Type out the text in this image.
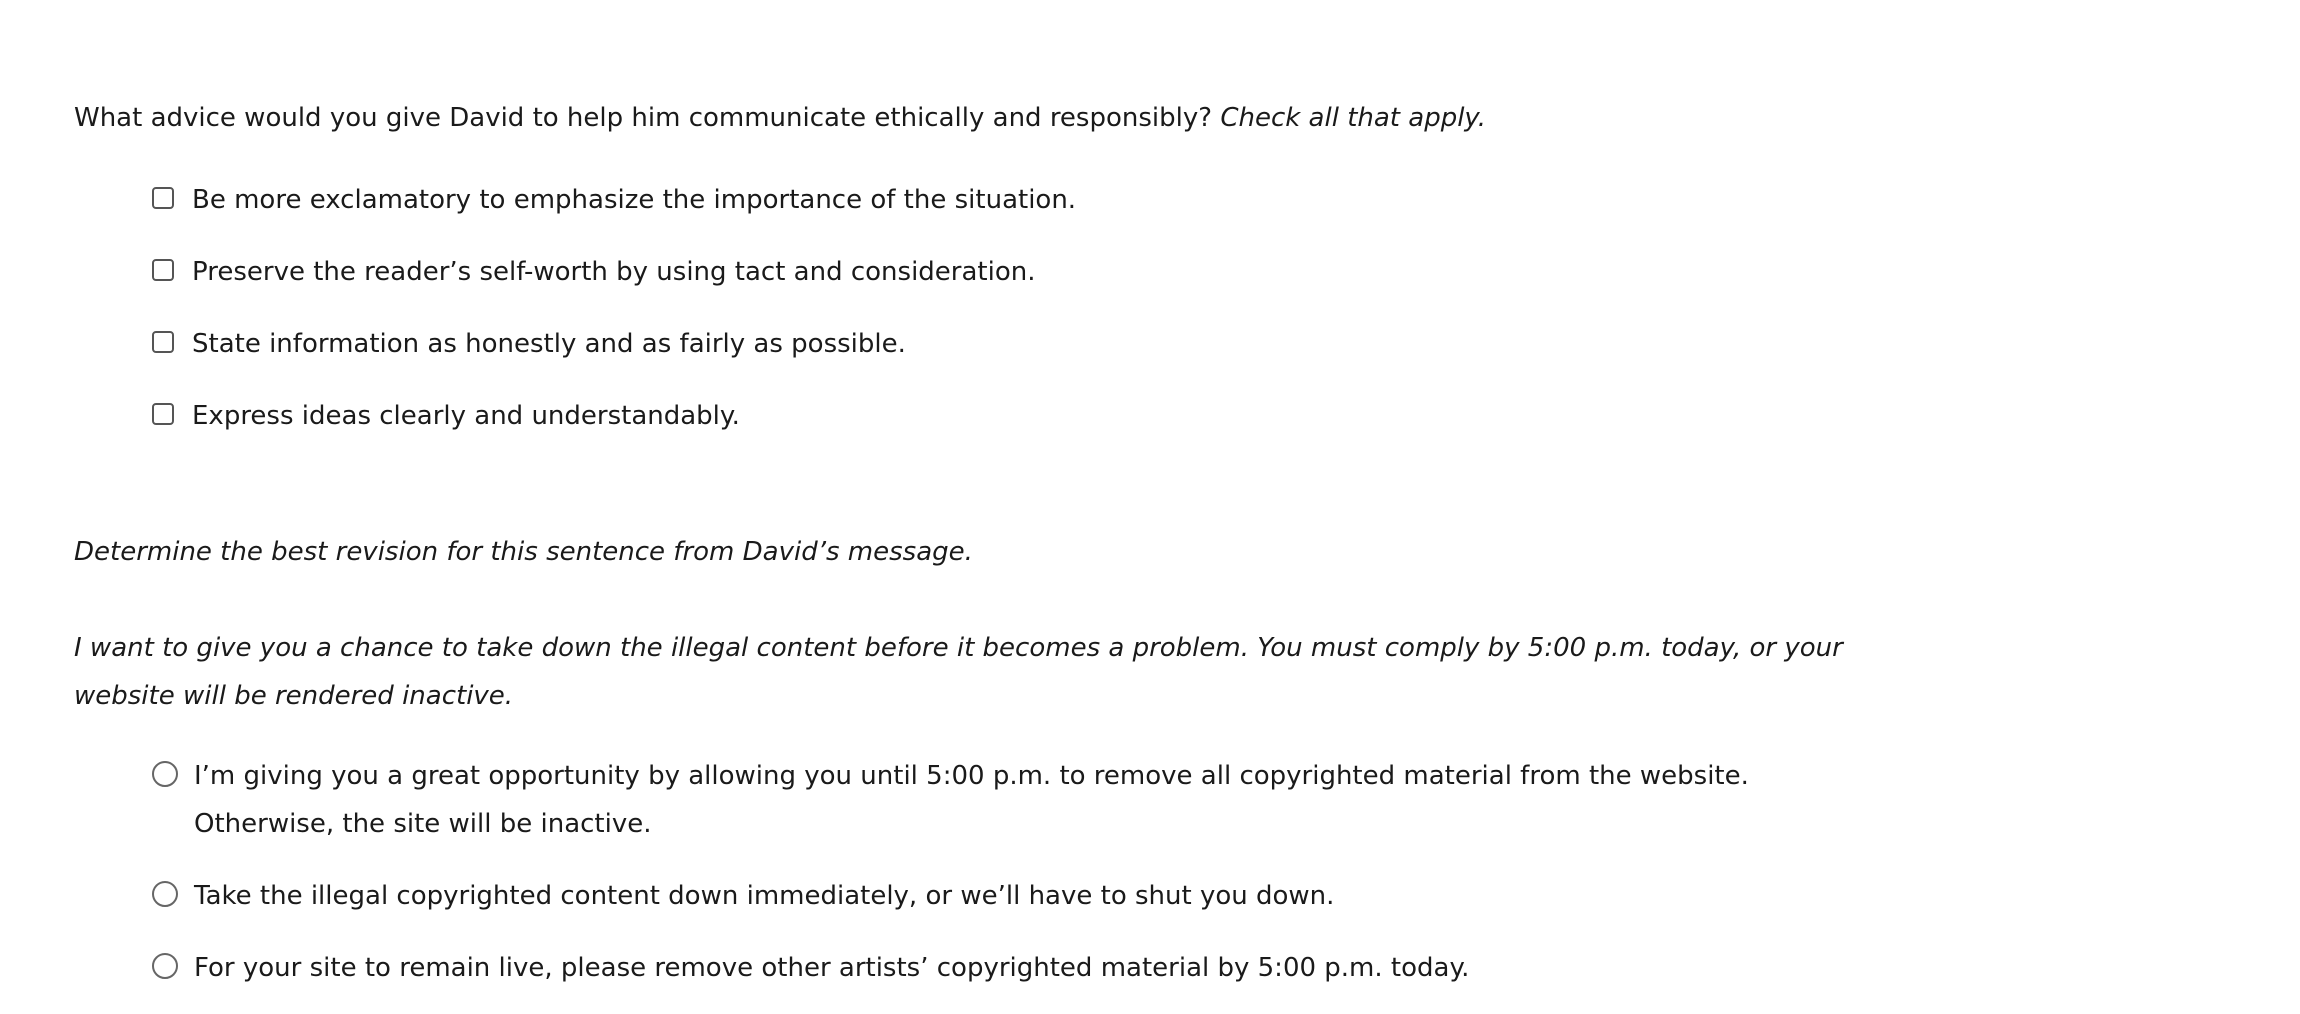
What advice would you give David to help him communicate ethically and responsibly? Check all that apply.
Be more exclamatory to emphasize the importance of the situation.
Preserve the reader’s self-worth by using tact and consideration.
State information as honestly and as fairly as possible.
Express ideas clearly and understandably.
Determine the best revision for this sentence from David’s message.
I want to give you a chance to take down the illegal content before it becomes a problem. You must comply by 5:00 p.m. today, or your website will be rendered inactive.
I’m giving you a great opportunity by allowing you until 5:00 p.m. to remove all copyrighted material from the website. Otherwise, the site will be inactive.
Take the illegal copyrighted content down immediately, or we’ll have to shut you down.
For your site to remain live, please remove other artists’ copyrighted material by 5:00 p.m. today.
